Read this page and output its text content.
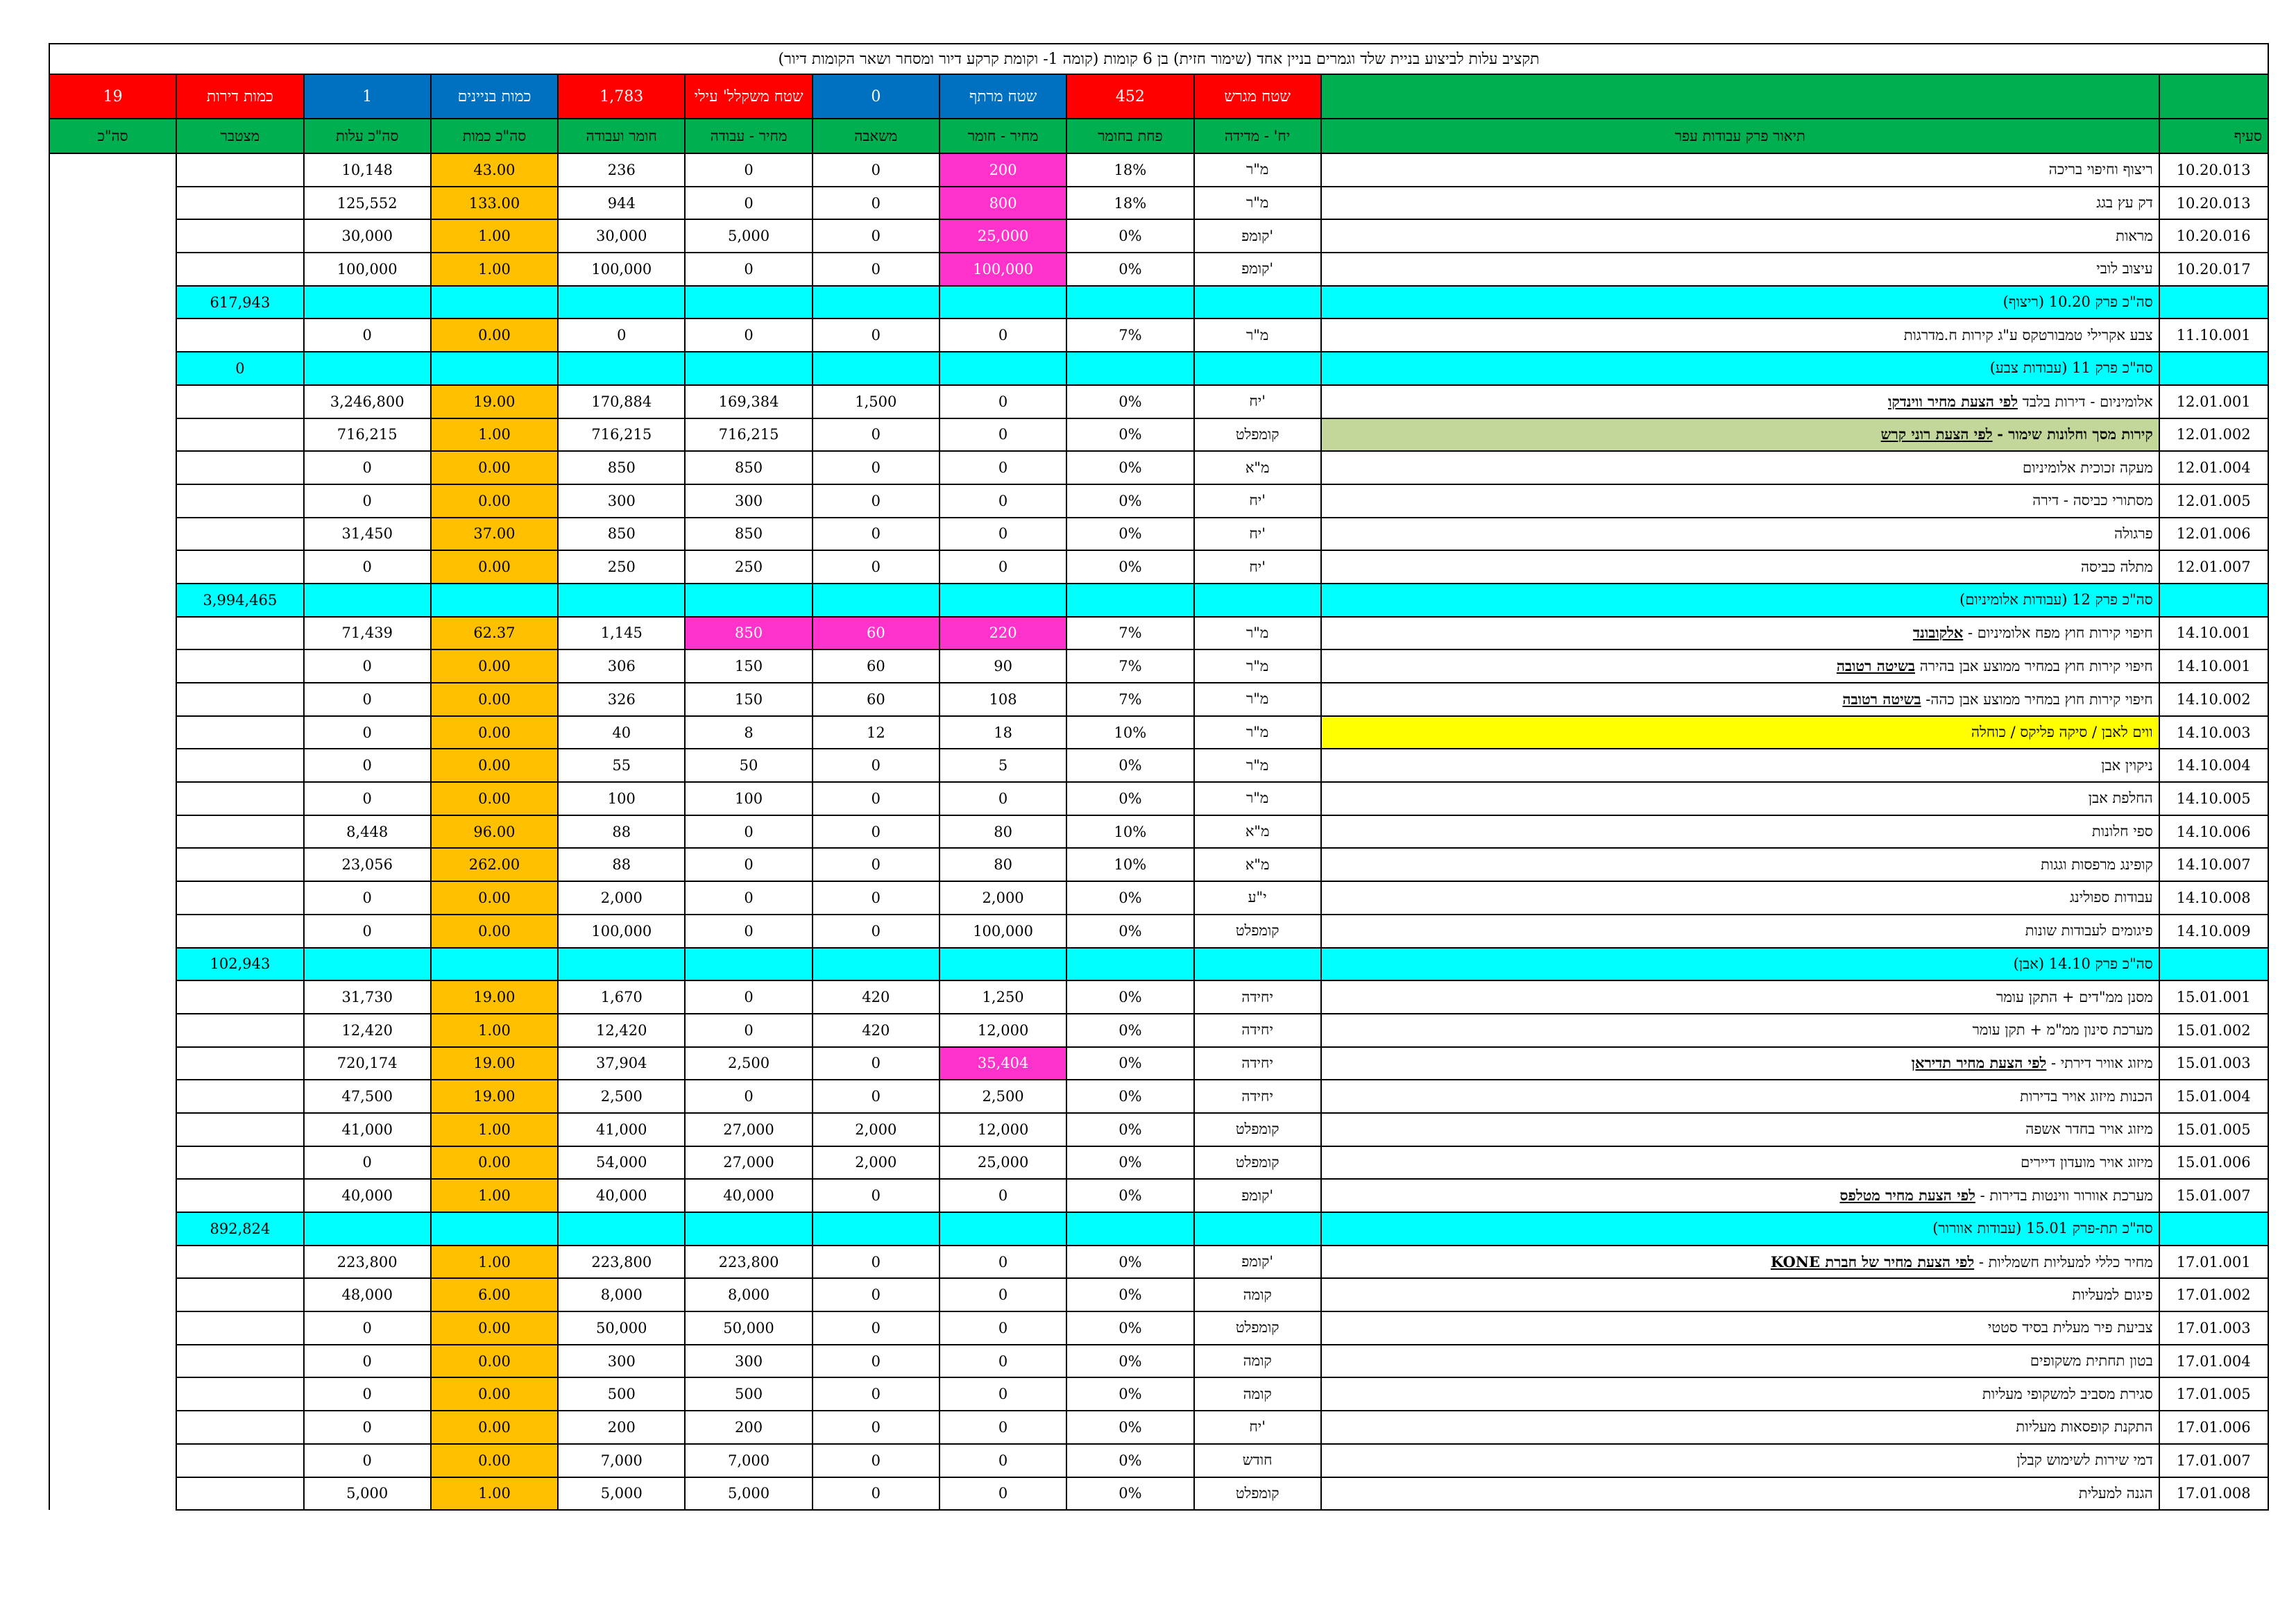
תקציב עלות לביצוע בניית שלד וגמרים בניין אחד (שימור חזית) בן 6 קומות (קומה 1- וקומת קרקע דיור ומסחר ושאר הקומות דיור)											
19	כמות דירות	1	כמות בניינים	1,783	שטח משקלל' עילי	0	שטח מרתף	452	שטח מגרש		
סה"כ	מצטבר	סה"כ עלות	סה"כ כמות	חומר ועבודה	מחיר - עבודה	משאבה	מחיר - חומר	פחת בחומר	יח' - מדידה	תיאור פרק עבודות עפר	סעיף
		10,148	43.00	236	0	0	200	18%	מ"ר	ריצוף וחיפוי בריכה	10.20.013
		125,552	133.00	944	0	0	800	18%	מ"ר	דק עץ בגג	10.20.013
		30,000	1.00	30,000	5,000	0	25,000	0%	קומפ'	מראות	10.20.016
		100,000	1.00	100,000	0	0	100,000	0%	קומפ'	עיצוב לובי	10.20.017
	617,943									סה"כ פרק 10.20 (ריצוף)	
		0	0.00	0	0	0	0	7%	מ"ר	צבע אקרילי טמבורטקס ע"ג קירות ח.מדרגות	11.10.001
	0									סה"כ פרק 11 (עבודות צבע)	
		3,246,800	19.00	170,884	169,384	1,500	0	0%	יח'	אלומיניום - דירות בלבד לפי הצעת מחיר ווינדקו	12.01.001
		716,215	1.00	716,215	716,215	0	0	0%	קומפלט	קירות מסך וחלונות שימור - לפי הצעת רוני קרש	12.01.002
		0	0.00	850	850	0	0	0%	מ"א	מעקה זכוכית אלומיניום	12.01.004
		0	0.00	300	300	0	0	0%	יח'	מסתורי כביסה - דירה	12.01.005
		31,450	37.00	850	850	0	0	0%	יח'	פרגולה	12.01.006
		0	0.00	250	250	0	0	0%	יח'	מתלה כביסה	12.01.007
	3,994,465									סה"כ פרק 12 (עבודות אלומיניום)	
		71,439	62.37	1,145	850	60	220	7%	מ"ר	חיפוי קירות חוץ מפח אלומיניום - אלקובונד	14.10.001
		0	0.00	306	150	60	90	7%	מ"ר	חיפוי קירות חוץ במחיר ממוצע אבן בהירה בשיטה רטובה	14.10.001
		0	0.00	326	150	60	108	7%	מ"ר	חיפוי קירות חוץ במחיר ממוצע אבן כהה- בשיטה רטובה	14.10.002
		0	0.00	40	8	12	18	10%	מ"ר	ווים לאבן / סיקה פליקס / כוחלה	14.10.003
		0	0.00	55	50	0	5	0%	מ"ר	ניקוין אבן	14.10.004
		0	0.00	100	100	0	0	0%	מ"ר	החלפת אבן	14.10.005
		8,448	96.00	88	0	0	80	10%	מ"א	ספי חלונות	14.10.006
		23,056	262.00	88	0	0	80	10%	מ"א	קופינג מרפסות וגגות	14.10.007
		0	0.00	2,000	0	0	2,000	0%	י"ע	עבודות ספולינג	14.10.008
		0	0.00	100,000	0	0	100,000	0%	קומפלט	פיגומים לעבודות שונות	14.10.009
	102,943									סה"כ פרק 14.10 (אבן)	
		31,730	19.00	1,670	0	420	1,250	0%	יחידה	מסנן ממ"דים + התקן עומר	15.01.001
		12,420	1.00	12,420	0	420	12,000	0%	יחידה	מערכת סינון ממ"מ + תקן עומר	15.01.002
		720,174	19.00	37,904	2,500	0	35,404	0%	יחידה	מיזוג אוויר דירתי - לפי הצעת מחיר תדיראן	15.01.003
		47,500	19.00	2,500	0	0	2,500	0%	יחידה	הכנות מיזוג אויר בדירות	15.01.004
		41,000	1.00	41,000	27,000	2,000	12,000	0%	קומפלט	מיזוג אויר בחדר אשפה	15.01.005
		0	0.00	54,000	27,000	2,000	25,000	0%	קומפלט	מיזוג אויר מועדון דיירים	15.01.006
		40,000	1.00	40,000	40,000	0	0	0%	קומפ'	מערכת אוורור ווינטות בדירות - לפי הצעת מחיר מטלפס	15.01.007
	892,824									סה"כ תת-פרק 15.01 (עבודות אוורור)	
		223,800	1.00	223,800	223,800	0	0	0%	קומפ'	מחיר כללי למעליות חשמליות - לפי הצעת מחיר של חברת KONE	17.01.001
		48,000	6.00	8,000	8,000	0	0	0%	קומה	פיגום למעליות	17.01.002
		0	0.00	50,000	50,000	0	0	0%	קומפלט	צביעת פיר מעלית בסיד סטטי	17.01.003
		0	0.00	300	300	0	0	0%	קומה	בטון תחתית משקופים	17.01.004
		0	0.00	500	500	0	0	0%	קומה	סגירת מסביב למשקופי מעליות	17.01.005
		0	0.00	200	200	0	0	0%	יח'	התקנת קופסאות מעליות	17.01.006
		0	0.00	7,000	7,000	0	0	0%	חודש	דמי שירות לשימוש קבלן	17.01.007
		5,000	1.00	5,000	5,000	0	0	0%	קומפלט	הגנה למעלית	17.01.008
